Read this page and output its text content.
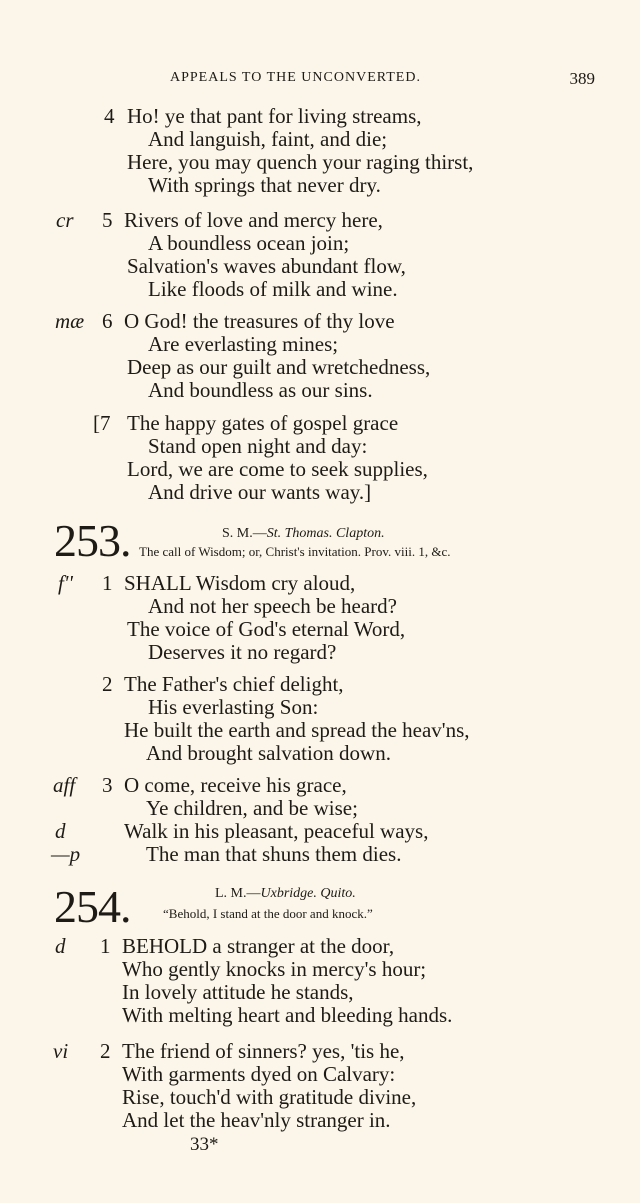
APPEALS TO THE UNCONVERTED.	389
4 Ho! ye that pant for living streams,
And languish, faint, and die;
Here, you may quench your raging thirst,
With springs that never dry.
cr 5 Rivers of love and mercy here,
A boundless ocean join;
Salvation's waves abundant flow,
Like floods of milk and wine.
mæ 6 O God! the treasures of thy love
Are everlasting mines;
Deep as our guilt and wretchedness,
And boundless as our sins.
[7 The happy gates of gospel grace
Stand open night and day:
Lord, we are come to seek supplies,
And drive our wants way.]
253.	S. M.—St. Thomas. Clapton.
The call of Wisdom; or, Christ's invitation. Prov. viii. 1, &c.
f'' 1 SHALL Wisdom cry aloud,
And not her speech be heard?
The voice of God's eternal Word,
Deserves it no regard?
2 The Father's chief delight,
His everlasting Son:
He built the earth and spread the heav'ns,
And brought salvation down.
aff 3 O come, receive his grace,
Ye children, and be wise;
d	Walk in his pleasant, peaceful ways,
—p	The man that shuns them dies.
254.	L. M.—Uxbridge. Quito.
“Behold, I stand at the door and knock.”
d 1 BEHOLD a stranger at the door,
Who gently knocks in mercy's hour;
In lovely attitude he stands,
With melting heart and bleeding hands.
vi 2 The friend of sinners? yes, 'tis he,
With garments dyed on Calvary:
Rise, touch'd with gratitude divine,
And let the heav'nly stranger in.
33*
